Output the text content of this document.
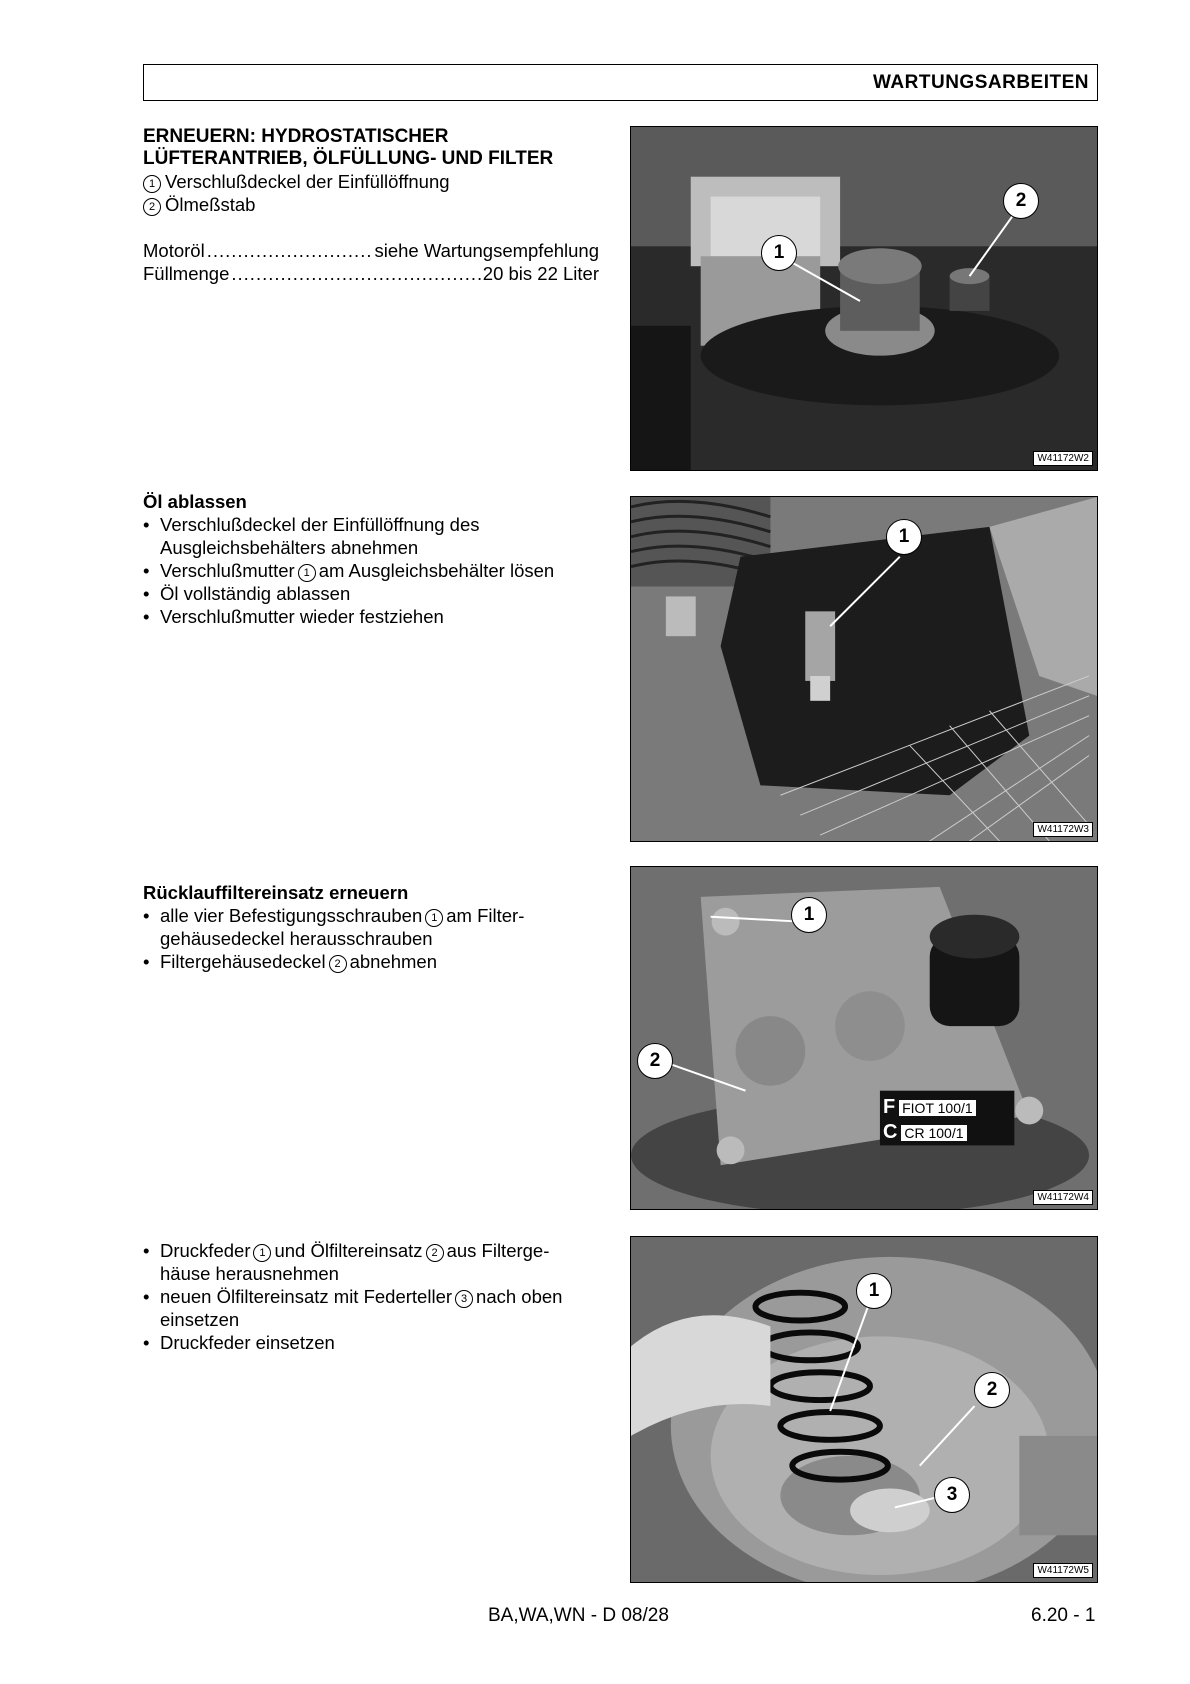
WARTUNGSARBEITEN
ERNEUERN: HYDROSTATISCHER
LÜFTERANTRIEB, ÖLFÜLLUNG- UND FILTER
1 Verschlußdeckel der Einfüllöffnung
2 Ölmeßstab
Motoröl .....	siehe Wartungsempfehlung
Füllmenge .....	20 bis 22 Liter
Öl ablassen
• Verschlußdeckel der Einfüllöffnung des
Ausgleichsbehälters abnehmen
• Verschlußmutter 1 am Ausgleichsbehälter lösen
• Öl vollständig ablassen
• Verschlußmutter wieder festziehen
Rücklauffiltereinsatz erneuern
• alle vier Befestigungsschrauben 1 am Filter-
gehäusedeckel herausschrauben
• Filtergehäusedeckel 2 abnehmen
• Druckfeder 1 und Ölfiltereinsatz 2 aus Filterge-
häuse herausnehmen
• neuen Ölfiltereinsatz mit Federteller 3 nach oben
einsetzen
• Druckfeder einsetzen
1
2
W41172W2
1
W41172W3
1
2
F FIOT 100/1
C CR 100/1
W41172W4
1
2
3
W41172W5
BA,WA,WN - D 08/28	6.20 - 1
